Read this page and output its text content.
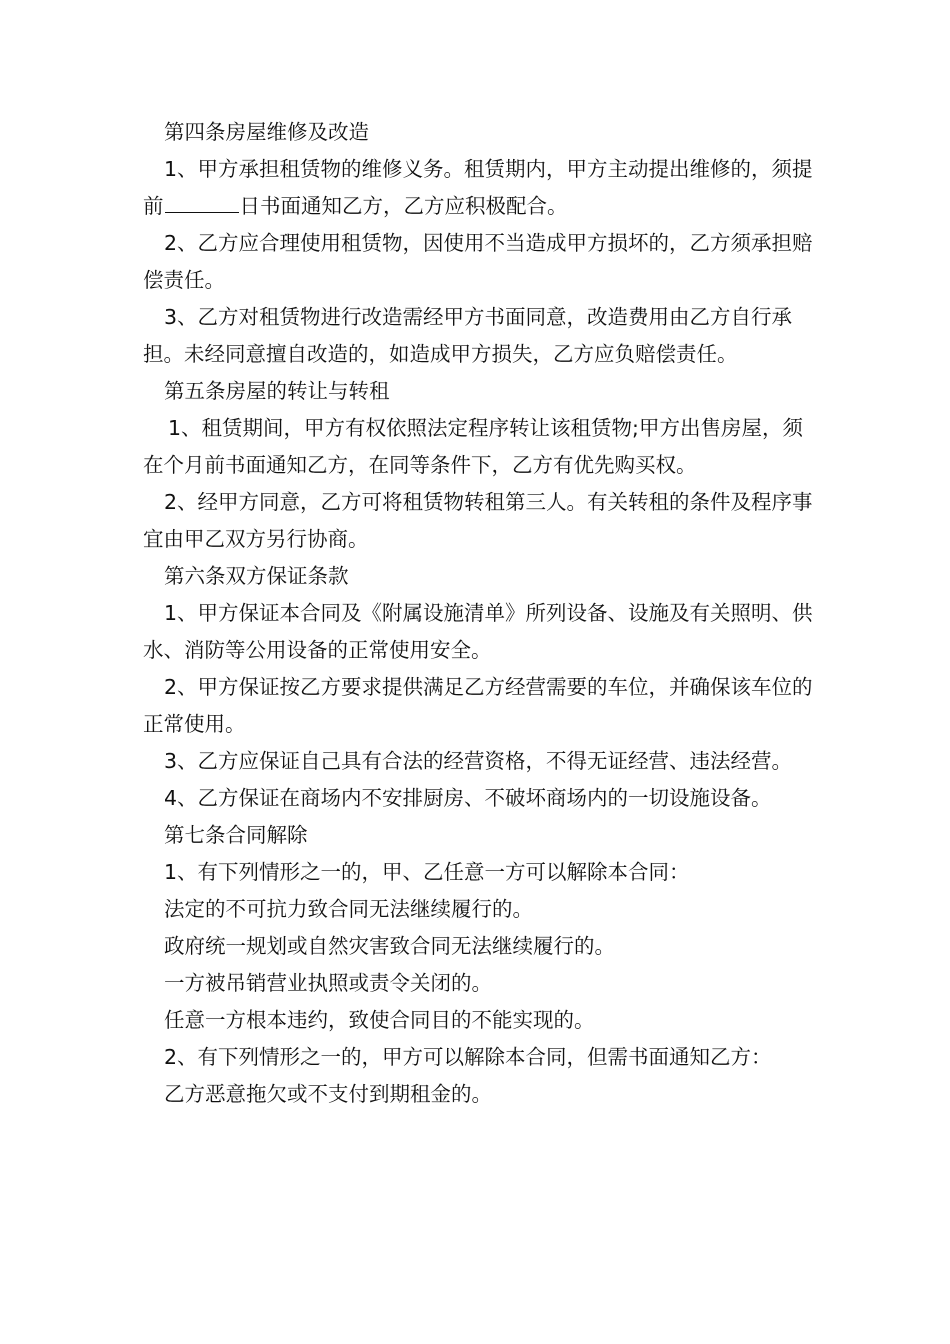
第四条房屋维修及改造

1、甲方承担租赁物的维修义务。租赁期内，甲方主动提出维修的，须提前	日书面通知乙方，乙方应积极配合。

2、乙方应合理使用租赁物，因使用不当造成甲方损坏的，乙方须承担赔偿责任。

3、乙方对租赁物进行改造需经甲方书面同意，改造费用由乙方自行承担。未经同意擅自改造的，如造成甲方损失，乙方应负赔偿责任。

第五条房屋的转让与转租

1、租赁期间，甲方有权依照法定程序转让该租赁物;甲方出售房屋，须在个月前书面通知乙方，在同等条件下，乙方有优先购买权。

2、经甲方同意，乙方可将租赁物转租第三人。有关转租的条件及程序事宜由甲乙双方另行协商。

第六条双方保证条款

1、甲方保证本合同及《附属设施清单》所列设备、设施及有关照明、供水、消防等公用设备的正常使用安全。

2、甲方保证按乙方要求提供满足乙方经营需要的车位，并确保该车位的正常使用。

3、乙方应保证自己具有合法的经营资格，不得无证经营、违法经营。

4、乙方保证在商场内不安排厨房、不破坏商场内的一切设施设备。

第七条合同解除

1、有下列情形之一的，甲、乙任意一方可以解除本合同：

法定的不可抗力致合同无法继续履行的。

政府统一规划或自然灾害致合同无法继续履行的。

一方被吊销营业执照或责令关闭的。

任意一方根本违约，致使合同目的不能实现的。

2、有下列情形之一的，甲方可以解除本合同，但需书面通知乙方：

乙方恶意拖欠或不支付到期租金的。
